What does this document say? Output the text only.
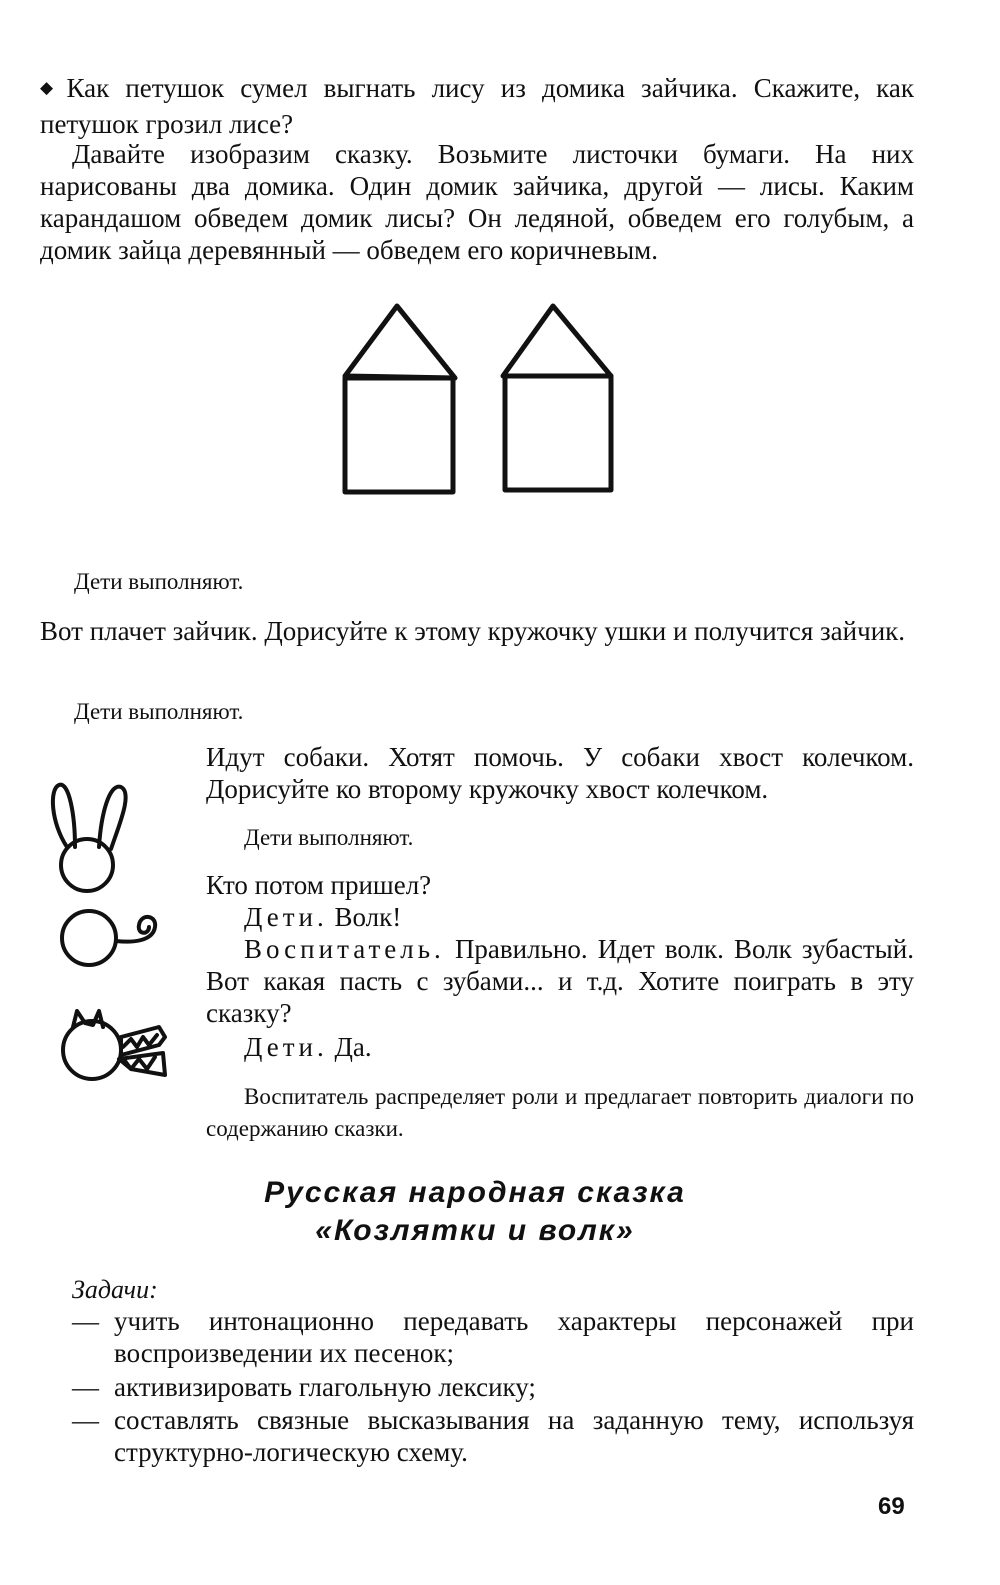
◆ Как петушок сумел выгнать лису из домика зайчика. Скажите, как петушок грозил лисе?

Давайте изобразим сказку. Возьмите листочки бумаги. На них нарисованы два домика. Один домик зайчика, другой — лисы. Каким карандашом обведем домик лисы? Он ледяной, обведем его голубым, а домик зайца деревянный — обведем его коричневым.

Дети выполняют.

Вот плачет зайчик. Дорисуйте к этому кружочку ушки и получится зайчик.

Дети выполняют.

Идут собаки. Хотят помочь. У собаки хвост колечком. Дорисуйте ко второму кружочку хвост колечком.

Дети выполняют.

Кто потом пришел?

Дети. Волк!

Воспитатель. Правильно. Идет волк. Волк зубастый. Вот какая пасть с зубами... и т.д. Хотите поиграть в эту сказку?

Дети. Да.

Воспитатель распределяет роли и предлагает повторить диалоги по содержанию сказки.

Русская народная сказка

«Козлятки и волк»

Задачи:

— учить интонационно передавать характеры персонажей при воспроизведении их песенок;
— активизировать глагольную лексику;
— составлять связные высказывания на заданную тему, используя структурно-логическую схему.

69
